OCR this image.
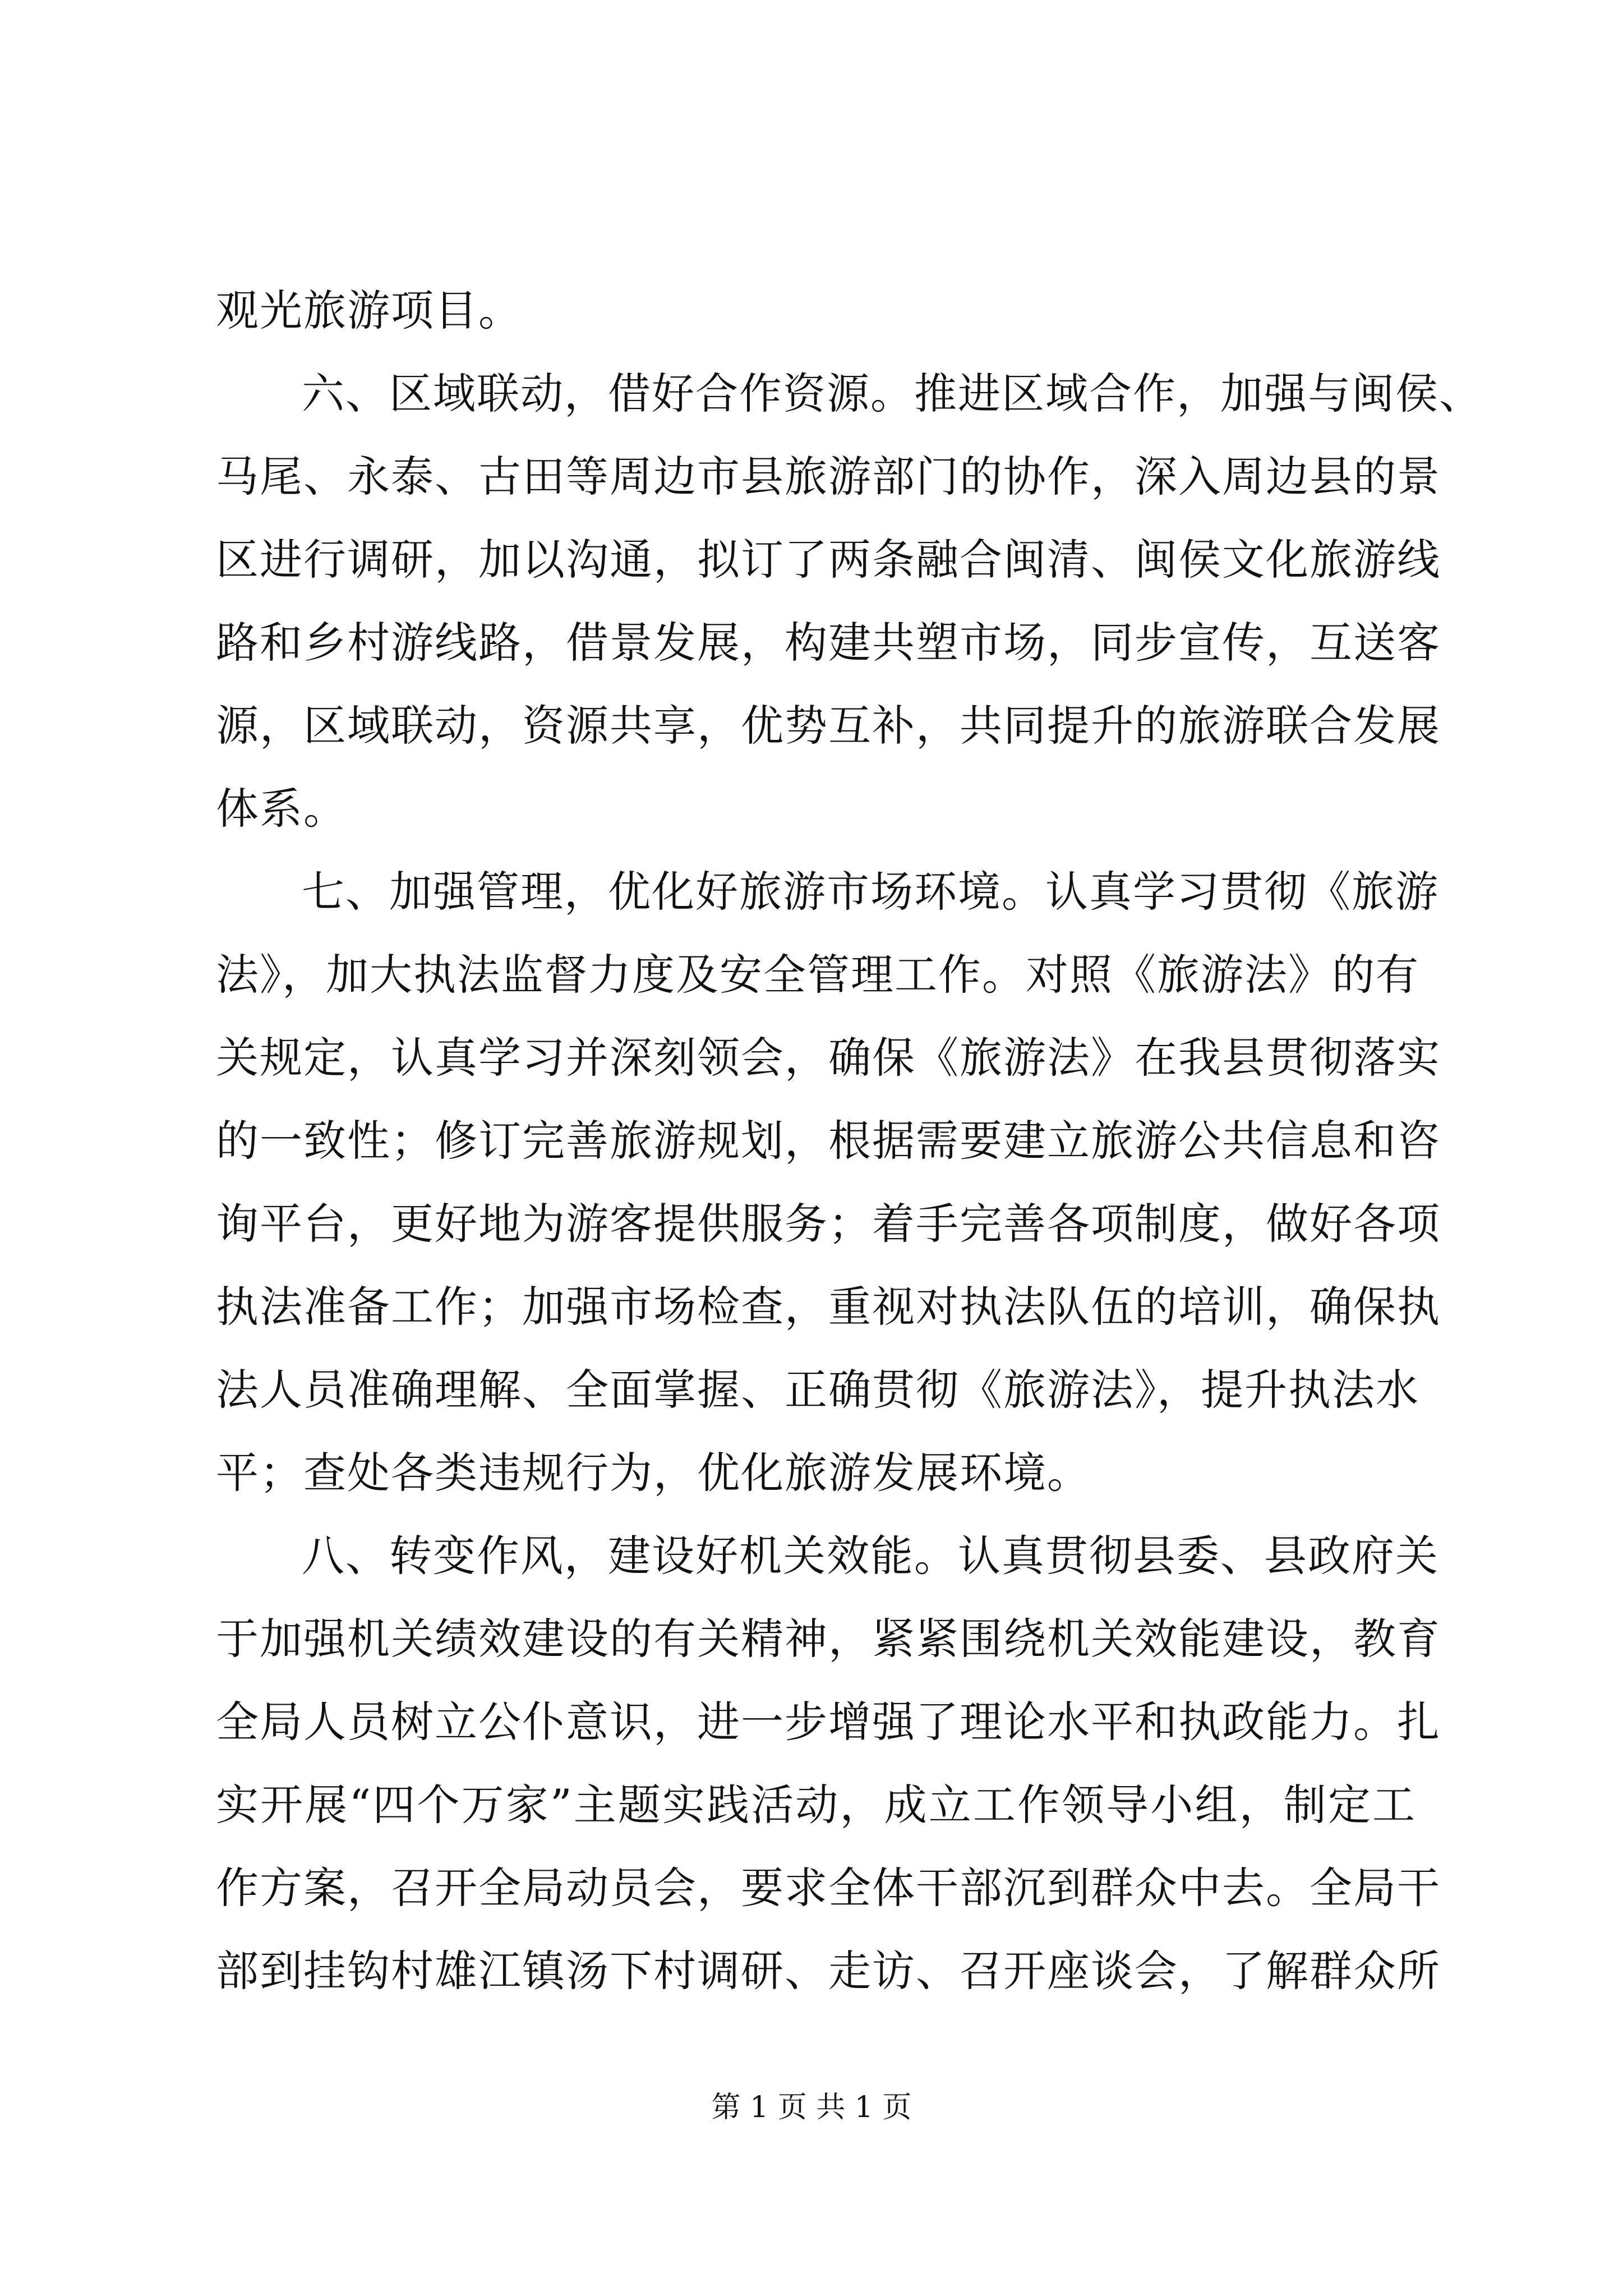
观光旅游项目。
六、区域联动，借好合作资源。推进区域合作，加强与闽侯、
马尾、永泰、古田等周边市县旅游部门的协作，深入周边县的景
区进行调研，加以沟通，拟订了两条融合闽清、闽侯文化旅游线
路和乡村游线路，借景发展，构建共塑市场，同步宣传，互送客
源，区域联动，资源共享，优势互补，共同提升的旅游联合发展
体系。
七、加强管理，优化好旅游市场环境。认真学习贯彻《旅游
法》，加大执法监督力度及安全管理工作。对照《旅游法》的有
关规定，认真学习并深刻领会，确保《旅游法》在我县贯彻落实
的一致性；修订完善旅游规划，根据需要建立旅游公共信息和咨
询平台，更好地为游客提供服务；着手完善各项制度，做好各项
执法准备工作；加强市场检查，重视对执法队伍的培训，确保执
法人员准确理解、全面掌握、正确贯彻《旅游法》，提升执法水
平；查处各类违规行为，优化旅游发展环境。
八、转变作风，建设好机关效能。认真贯彻县委、县政府关
于加强机关绩效建设的有关精神，紧紧围绕机关效能建设，教育
全局人员树立公仆意识，进一步增强了理论水平和执政能力。扎
实开展“四个万家”主题实践活动，成立工作领导小组，制定工
作方案，召开全局动员会，要求全体干部沉到群众中去。全局干
部到挂钩村雄江镇汤下村调研、走访、召开座谈会，了解群众所
第 1 页 共 1 页
